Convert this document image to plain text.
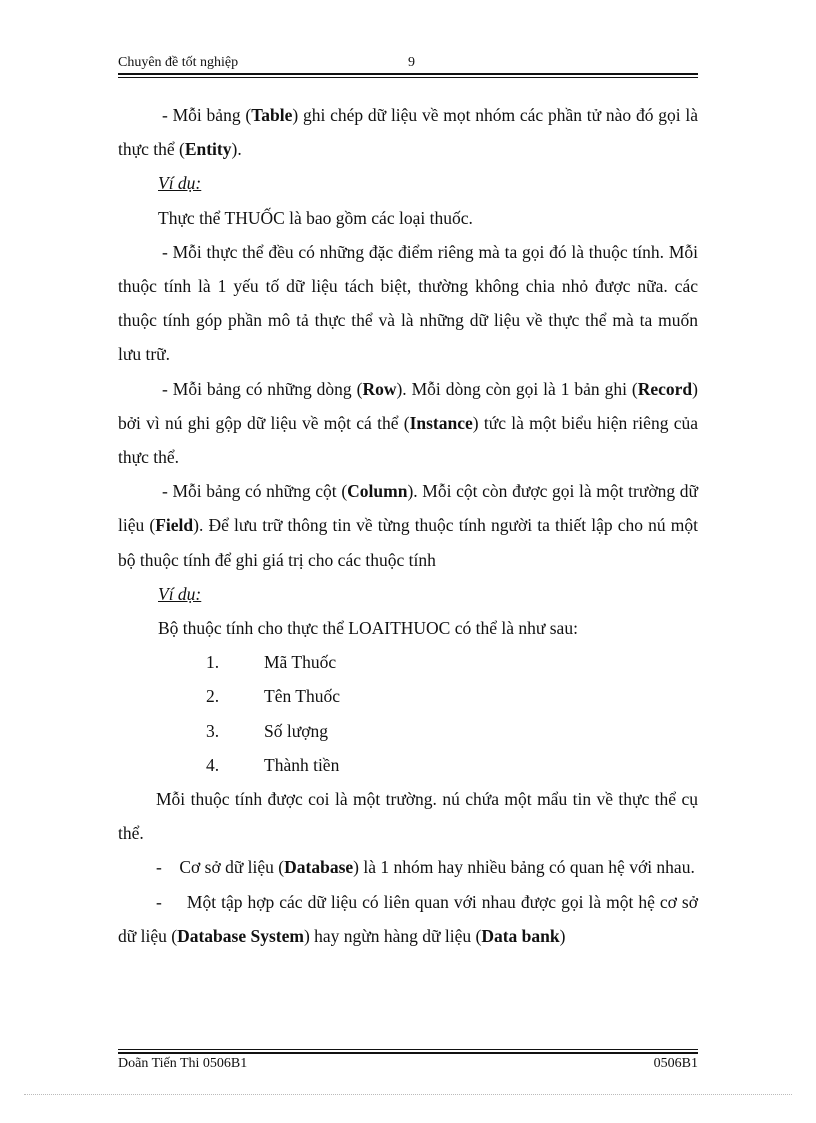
Chuyên đề tốt nghiệp	9

- Mỗi bảng (Table) ghi chép dữ liệu về mọt nhóm các phần tử nào đó gọi là thực thể (Entity).

Ví dụ:

Thực thể THUỐC là bao gồm các loại thuốc.

- Mỗi thực thể đều có những đặc điểm riêng mà ta gọi đó là thuộc tính. Mỗi thuộc tính là 1 yếu tố dữ liệu tách biệt, thường không chia nhỏ được nữa. các thuộc tính góp phần mô tả thực thể và là những dữ liệu về thực thể mà ta muốn lưu trữ.

- Mỗi bảng có những dòng (Row). Mỗi dòng còn gọi là 1 bản ghi (Record) bởi vì nú ghi gộp dữ liệu về một cá thể (Instance) tức là một biểu hiện riêng của thực thể.

- Mỗi bảng có những cột (Column). Mỗi cột còn được gọi là một trường dữ liệu (Field). Để lưu trữ thông tin về từng thuộc tính người ta thiết lập cho nú một bộ thuộc tính để ghi giá trị cho các thuộc tính

Ví dụ:

Bộ thuộc tính cho thực thể LOAITHUOC có thể là như sau:

1.	Mã Thuốc
2.	Tên Thuốc
3.	Số lượng
4.	Thành tiền

Mỗi thuộc tính được coi là một trường. nú chứa một mẩu tin về thực thể cụ thể.

- Cơ sở dữ liệu (Database) là 1 nhóm hay nhiều bảng có quan hệ với nhau.

- Một tập hợp các dữ liệu có liên quan với nhau được gọi là một hệ cơ sở dữ liệu (Database System) hay ngừn hàng dữ liệu (Data bank)

Doãn Tiến Thi 0506B1	0506B1
